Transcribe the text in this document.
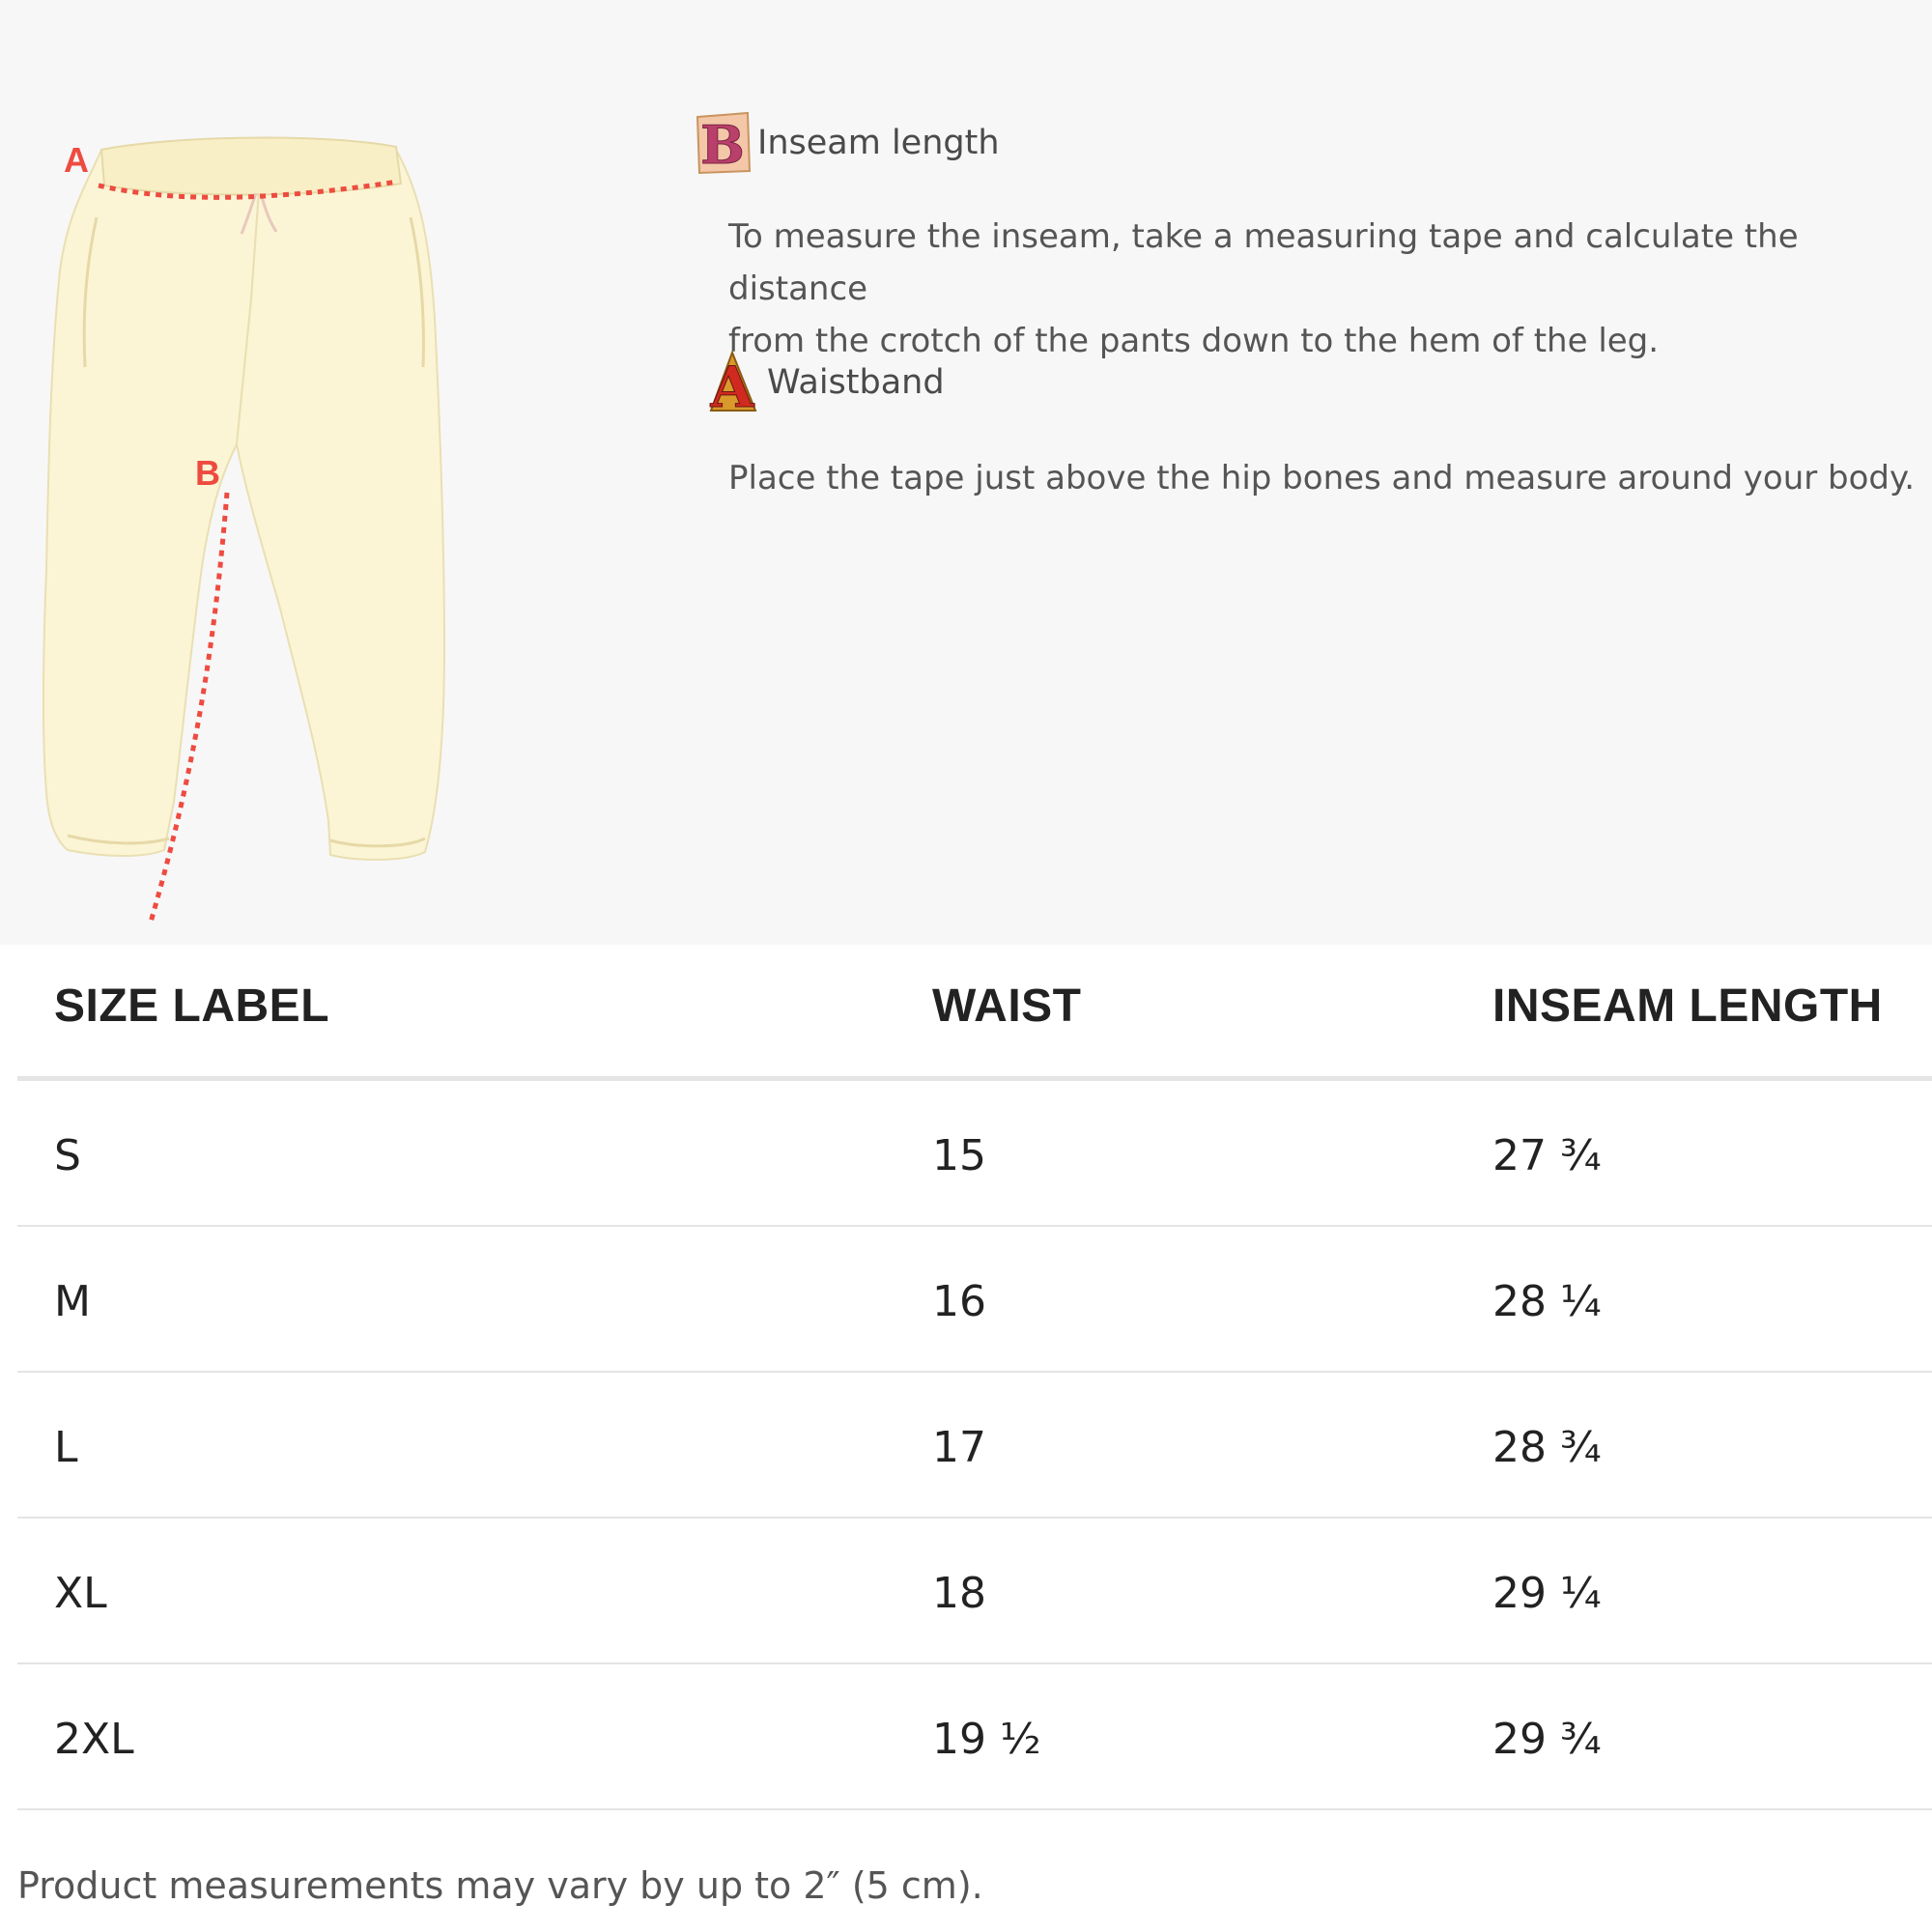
A
B
B Inseam length
To measure the inseam, take a measuring tape and calculate the distance
from the crotch of the pants down to the hem of the leg.
A Waistband
Place the tape just above the hip bones and measure around your body.
SIZE LABEL	WAIST	INSEAM LENGTH
S	15	27 ¾
M	16	28 ¼
L	17	28 ¾
XL	18	29 ¼
2XL	19 ½	29 ¾
Product measurements may vary by up to 2″ (5 cm).
